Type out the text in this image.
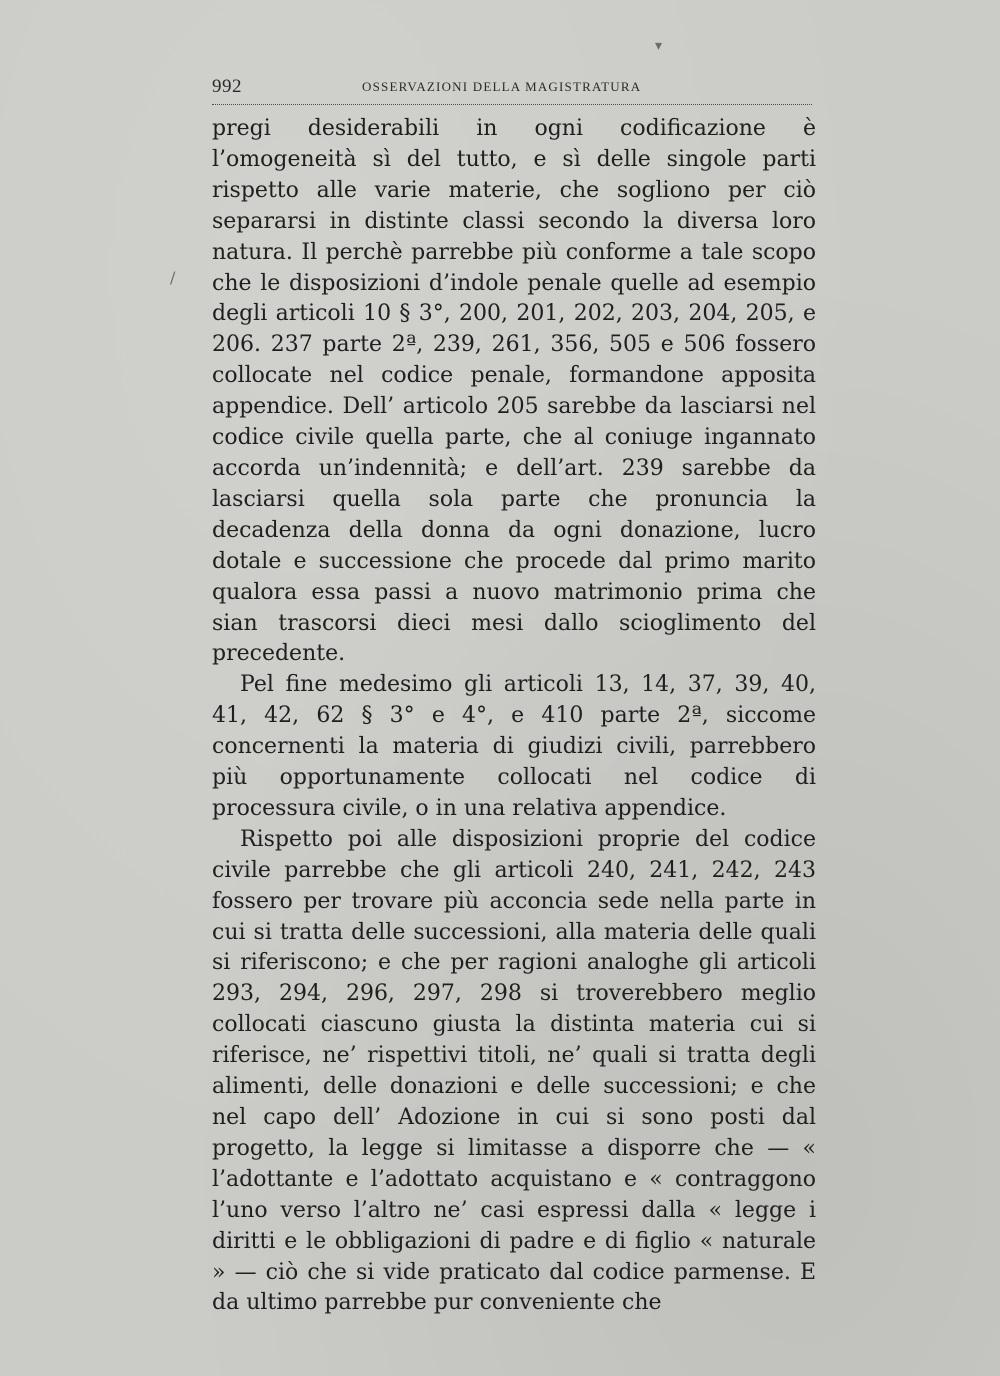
992	OSSERVAZIONI DELLA MAGISTRATURA

pregi desiderabili in ogni codificazione è l’omogeneità sì del tutto, e sì delle singole parti rispetto alle varie materie, che sogliono per ciò separarsi in distinte classi secondo la diversa loro natura. Il perchè parrebbe più conforme a tale scopo che le disposizioni d’indole penale quelle ad esempio degli articoli 10 § 3°, 200, 201, 202, 203, 204, 205, e 206. 237 parte 2ª, 239, 261, 356, 505 e 506 fossero collocate nel codice penale, formandone apposita appendice. Dell’ articolo 205 sarebbe da lasciarsi nel codice civile quella parte, che al coniuge ingannato accorda un’indennità; e dell’art. 239 sarebbe da lasciarsi quella sola parte che pronuncia la decadenza della donna da ogni donazione, lucro dotale e successione che procede dal primo marito qualora essa passi a nuovo matrimonio prima che sian trascorsi dieci mesi dallo scioglimento del precedente.

Pel fine medesimo gli articoli 13, 14, 37, 39, 40, 41, 42, 62 § 3° e 4°, e 410 parte 2ª, siccome concernenti la materia di giudizi civili, parrebbero più opportunamente collocati nel codice di processura civile, o in una relativa appendice.

Rispetto poi alle disposizioni proprie del codice civile parrebbe che gli articoli 240, 241, 242, 243 fossero per trovare più acconcia sede nella parte in cui si tratta delle successioni, alla materia delle quali si riferiscono; e che per ragioni analoghe gli articoli 293, 294, 296, 297, 298 si troverebbero meglio collocati ciascuno giusta la distinta materia cui si riferisce, ne’ rispettivi titoli, ne’ quali si tratta degli alimenti, delle donazioni e delle successioni; e che nel capo dell’ Adozione in cui si sono posti dal progetto, la legge si limitasse a disporre che — « l’adottante e l’adottato acquistano e « contraggono l’uno verso l’altro ne’ casi espressi dalla « legge i diritti e le obbligazioni di padre e di figlio « naturale » — ciò che si vide praticato dal codice parmense. E da ultimo parrebbe pur conveniente che

▾
/
